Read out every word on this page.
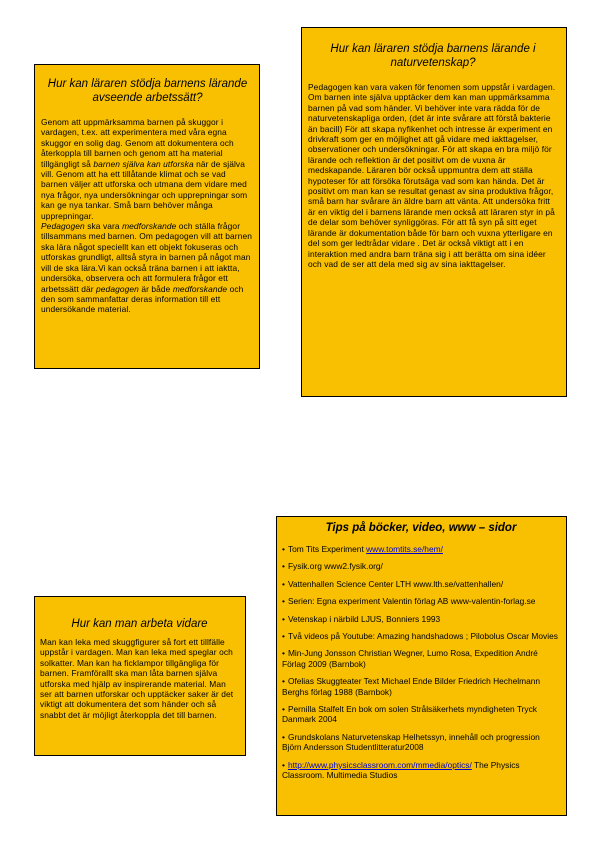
Hur kan läraren stödja barnens lärande avseende arbetssätt?

Genom att uppmärksamma barnen på skuggor i vardagen, t.ex. att experimentera med våra egna skuggor en solig dag. Genom att dokumentera och återkoppla till barnen och genom att ha material tillgängligt så barnen själva kan utforska när de själva vill. Genom att ha ett tillåtande klimat och se vad barnen väljer att utforska och utmana dem vidare med nya frågor, nya undersökningar och upprepningar som kan ge nya tankar. Små barn behöver många upprepningar.

Pedagogen ska vara medforskande och ställa frågor tillsammans med barnen. Om pedagogen vill att barnen ska lära något speciellt kan ett objekt fokuseras och utforskas grundligt, alltså styra in barnen på något man vill de ska lära.Vi kan också träna barnen i att iaktta, undersöka, observera och att formulera frågor ett arbetssätt där pedagogen är både medforskande och den som sammanfattar deras information till ett undersökande material.

Hur kan läraren stödja barnens lärande i naturvetenskap?

Pedagogen kan vara vaken för fenomen som uppstår i vardagen. Om barnen inte själva upptäcker dem kan man uppmärksamma barnen på vad som händer. Vi behöver inte vara rädda för de naturvetenskapliga orden, (det är inte svårare att förstå bakterie än bacill) För att skapa nyfikenhet och intresse är experiment en drivkraft som ger en möjlighet att gå vidare med iakttagelser, observationer och undersökningar. För att skapa en bra miljö för lärande och reflektion är det positivt om de vuxna är medskapande. Läraren bör också uppmuntra dem att ställa hypoteser för att försöka förutsäga vad som kan hända. Det är positivt om man kan se resultat genast av sina produktiva frågor, små barn har svårare än äldre barn att vänta. Att undersöka fritt är en viktig del i barnens lärande men också att läraren styr in på de delar som behöver synliggöras. För att få syn på sitt eget lärande är dokumentation både för barn och vuxna ytterligare en del som ger ledtrådar vidare . Det är också viktigt att i en interaktion med andra barn träna sig i att berätta om sina idéer och vad de ser att dela med sig av sina iakttagelser.

Hur kan man arbeta vidare

Man kan leka med skuggfigurer så fort ett tillfälle uppstår i vardagen. Man kan leka med speglar och solkatter. Man kan ha ficklampor tillgängliga för barnen. Framförallt ska man låta barnen själva utforska med hjälp av inspirerande material. Man ser att barnen utforskar och upptäcker saker är det viktigt att dokumentera det som händer och så snabbt det är möjligt återkoppla det till barnen.

Tips på böcker, video, www – sidor

• Tom Tits Experiment www.tomtits.se/hem/
• Fysik.org www2.fysik.org/
• Vattenhallen Science Center LTH www.lth.se/vattenhallen/
• Serien: Egna experiment Valentin förlag AB www-valentin-forlag.se
• Vetenskap i närbild LJUS, Bonniers 1993
• Två videos på Youtube: Amazing handshadows ; Pilobolus Oscar Movies
• Min-Jung Jonsson Christian Wegner, Lumo Rosa, Expedition André Förlag 2009 (Barnbok)
• Ofelias Skuggteater Text Michael Ende Bilder Friedrich Hechelmann Berghs förlag 1988 (Barnbok)
• Pernilla Stalfelt En bok om solen Strålsäkerhets myndigheten Tryck Danmark 2004
• Grundskolans Naturvetenskap Helhetssyn, innehåll och progression Björn Andersson Studentlitteratur2008
• http://www.physicsclassroom.com/mmedia/optics/ The Physics Classroom. Multimedia Studios
